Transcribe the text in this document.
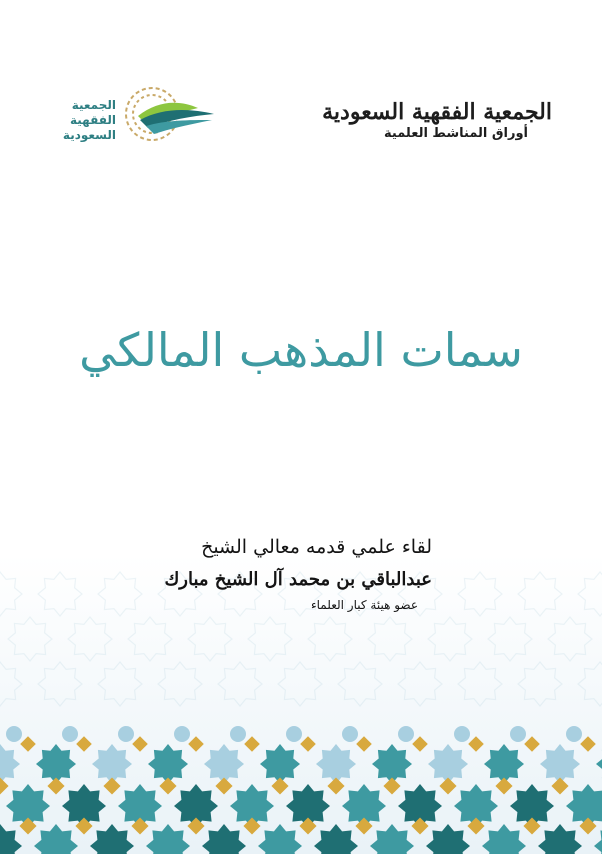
الجمعية
الفقهية
السعودية
الجمعية الفقهية السعودية
أوراق المناشط العلمية
سمات المذهب المالكي
لقاء علمي قدمه معالي الشيخ
عبدالباقي بن محمد آل الشيخ مبارك
عضو هيئة كبار العلماء
